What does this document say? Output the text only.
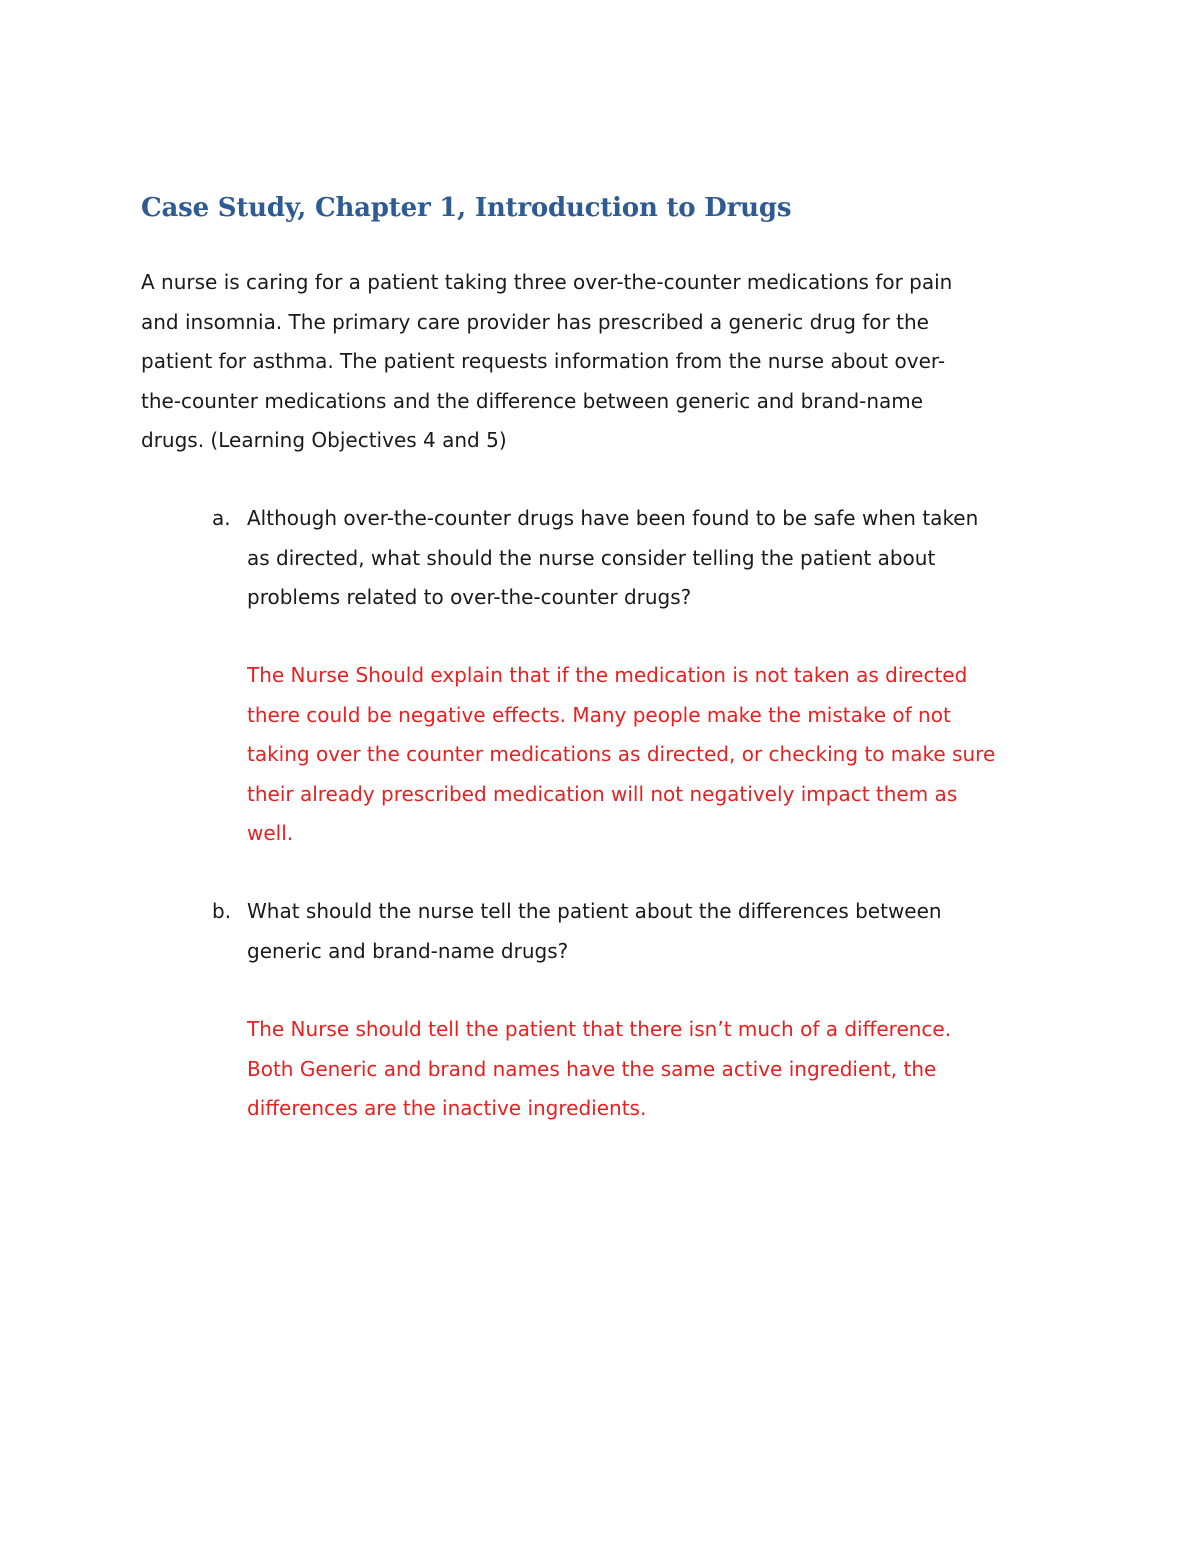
Case Study, Chapter 1, Introduction to Drugs

A nurse is caring for a patient taking three over-the-counter medications for pain
and insomnia. The primary care provider has prescribed a generic drug for the
patient for asthma. The patient requests information from the nurse about over-
the-counter medications and the difference between generic and brand-name
drugs. (Learning Objectives 4 and 5)

a. Although over-the-counter drugs have been found to be safe when taken
as directed, what should the nurse consider telling the patient about
problems related to over-the-counter drugs?

The Nurse Should explain that if the medication is not taken as directed
there could be negative effects. Many people make the mistake of not
taking over the counter medications as directed, or checking to make sure
their already prescribed medication will not negatively impact them as
well.

b. What should the nurse tell the patient about the differences between
generic and brand-name drugs?

The Nurse should tell the patient that there isn’t much of a difference.
Both Generic and brand names have the same active ingredient, the
differences are the inactive ingredients.
